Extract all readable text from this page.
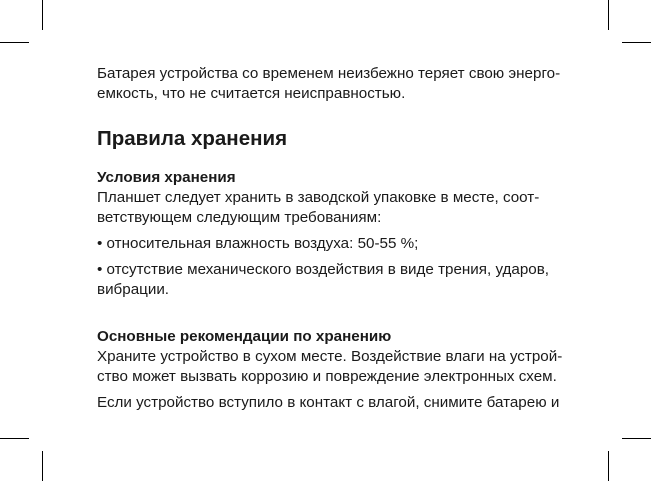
Батарея устройства со временем неизбежно теряет свою энерго-
емкость, что не считается неисправностью.
Правила хранения
Условия хранения
Планшет следует хранить в заводской упаковке в месте, соот-
ветствующем следующим требованиям:
• относительная влажность воздуха: 50-55 %;
• отсутствие механического воздействия в виде трения, ударов,
вибрации.
Основные рекомендации по хранению
Храните устройство в сухом месте. Воздействие влаги на устрой-
ство может вызвать коррозию и повреждение электронных схем.
Если устройство вступило в контакт с влагой, снимите батарею и
